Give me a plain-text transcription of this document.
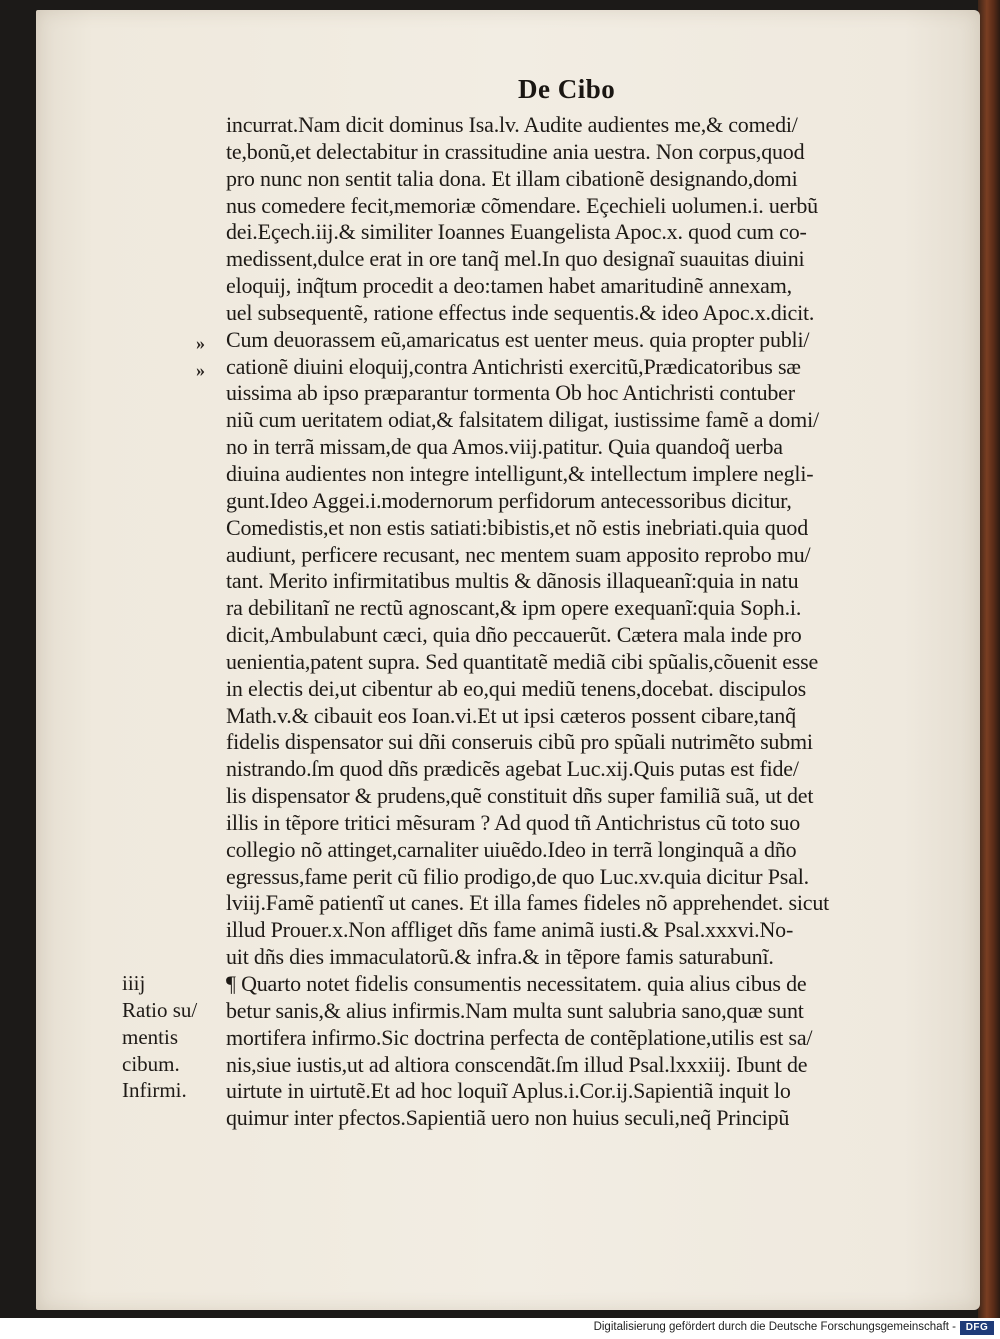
De Cibo
»
»
iiij
Ratio su/
mentis
cibum.
Infirmi.
incurrat.Nam dicit dominus Isa.lv. Audite audientes me,& comedi/
te,bonũ,et delectabitur in crassitudine ania uestra. Non corpus,quod
pro nunc non sentit talia dona. Et illam cibationẽ designando,domi
nus comedere fecit,memoriæ cõmendare. Eçechieli uolumen.i. uerbũ
dei.Eçech.iij.& similiter Ioannes Euangelista Apoc.x. quod cum co-
medissent,dulce erat in ore tanq̃ mel.In quo designaĩ suauitas diuini
eloquij, inq̃tum procedit a deo:tamen habet amaritudinẽ annexam,
uel subsequentẽ, ratione effectus inde sequentis.& ideo Apoc.x.dicit.
Cum deuorassem eũ,amaricatus est uenter meus. quia propter publi/
cationẽ diuini eloquij,contra Antichristi exercitũ,Prædicatoribus sæ
uissima ab ipso præparantur tormenta Ob hoc Antichristi contuber
niũ cum ueritatem odiat,& falsitatem diligat, iustissime famẽ a domi/
no in terrã missam,de qua Amos.viij.patitur. Quia quandoq̃ uerba
diuina audientes non integre intelligunt,& intellectum implere negli-
gunt.Ideo Aggei.i.modernorum perfidorum antecessoribus dicitur,
Comedistis,et non estis satiati:bibistis,et nõ estis inebriati.quia quod
audiunt, perficere recusant, nec mentem suam apposito reprobo mu/
tant. Merito infirmitatibus multis & dãnosis illaqueanĩ:quia in natu
ra debilitanĩ ne rectũ agnoscant,& ipm opere exequanĩ:quia Soph.i.
dicit,Ambulabunt cæci, quia dño peccauerũt. Cætera mala inde pro
uenientia,patent supra. Sed quantitatẽ mediã cibi spũalis,cõuenit esse
in electis dei,ut cibentur ab eo,qui mediũ tenens,docebat. discipulos
Math.v.& cibauit eos Ioan.vi.Et ut ipsi cæteros possent cibare,tanq̃
fidelis dispensator sui dñi conseruis cibũ pro spũali nutrimẽto submi
nistrando.ſm quod dñs prædicẽs agebat Luc.xij.Quis putas est fide/
lis dispensator & prudens,quẽ constituit dñs super familiã suã, ut det
illis in tẽpore tritici mẽsuram ? Ad quod tñ Antichristus cũ toto suo
collegio nõ attinget,carnaliter uiuẽdo.Ideo in terrã longinquã a dño
egressus,fame perit cũ filio prodigo,de quo Luc.xv.quia dicitur Psal.
lviij.Famẽ patientĩ ut canes. Et illa fames fideles nõ apprehendet. sicut
illud Prouer.x.Non affliget dñs fame animã iusti.& Psal.xxxvi.No-
uit dñs dies immaculatorũ.& infra.& in tẽpore famis saturabunĩ.
¶ Quarto notet fidelis consumentis necessitatem. quia alius cibus de
betur sanis,& alius infirmis.Nam multa sunt salubria sano,quæ sunt
mortifera infirmo.Sic doctrina perfecta de contẽplatione,utilis est sa/
nis,siue iustis,ut ad altiora conscendãt.ſm illud Psal.lxxxiij. Ibunt de
uirtute in uirtutẽ.Et ad hoc loquiĩ Aplus.i.Cor.ij.Sapientiã inquit lo
quimur inter pfectos.Sapientiã uero non huius seculi,neq̃ Principũ
Digitalisierung gefördert durch die Deutsche Forschungsgemeinschaft - DFG
